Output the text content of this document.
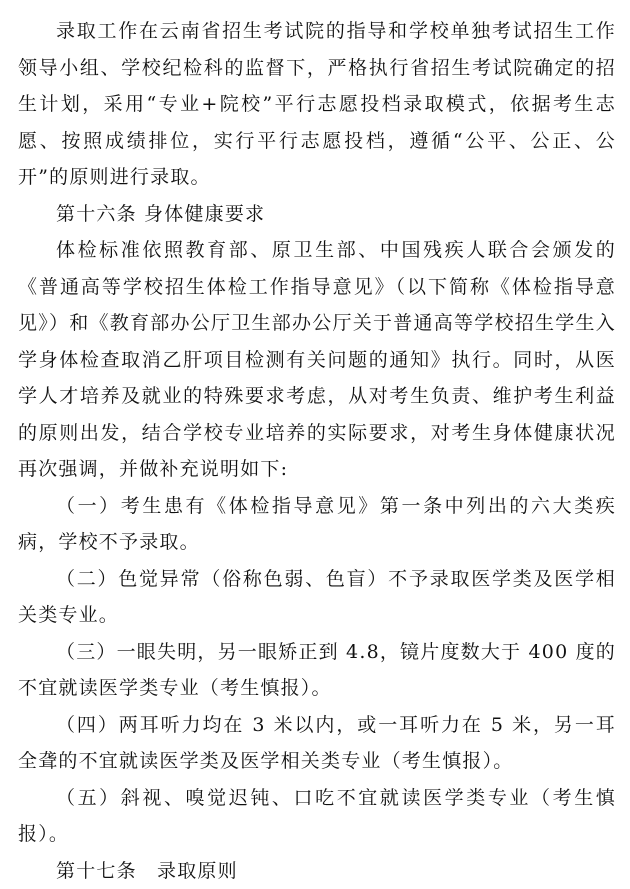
录取工作在云南省招生考试院的指导和学校单独考试招生工作领导小组、学校纪检科的监督下，严格执行省招生考试院确定的招生计划，采用“专业+院校”平行志愿投档录取模式，依据考生志愿、按照成绩排位，实行平行志愿投档，遵循“公平、公正、公开”的原则进行录取。

第十六条 身体健康要求

体检标准依照教育部、原卫生部、中国残疾人联合会颁发的《普通高等学校招生体检工作指导意见》（以下简称《体检指导意见》）和《教育部办公厅卫生部办公厅关于普通高等学校招生学生入学身体检查取消乙肝项目检测有关问题的通知》执行。同时，从医学人才培养及就业的特殊要求考虑，从对考生负责、维护考生利益的原则出发，结合学校专业培养的实际要求，对考生身体健康状况再次强调，并做补充说明如下:

（一）考生患有《体检指导意见》第一条中列出的六大类疾病，学校不予录取。

（二）色觉异常（俗称色弱、色盲）不予录取医学类及医学相关类专业。

（三）一眼失明，另一眼矫正到 4.8，镜片度数大于 400 度的不宜就读医学类专业（考生慎报）。

（四）两耳听力均在 3 米以内，或一耳听力在 5 米，另一耳全聋的不宜就读医学类及医学相关类专业（考生慎报）。

（五）斜视、嗅觉迟钝、口吃不宜就读医学类专业（考生慎报）。

第十七条　录取原则
